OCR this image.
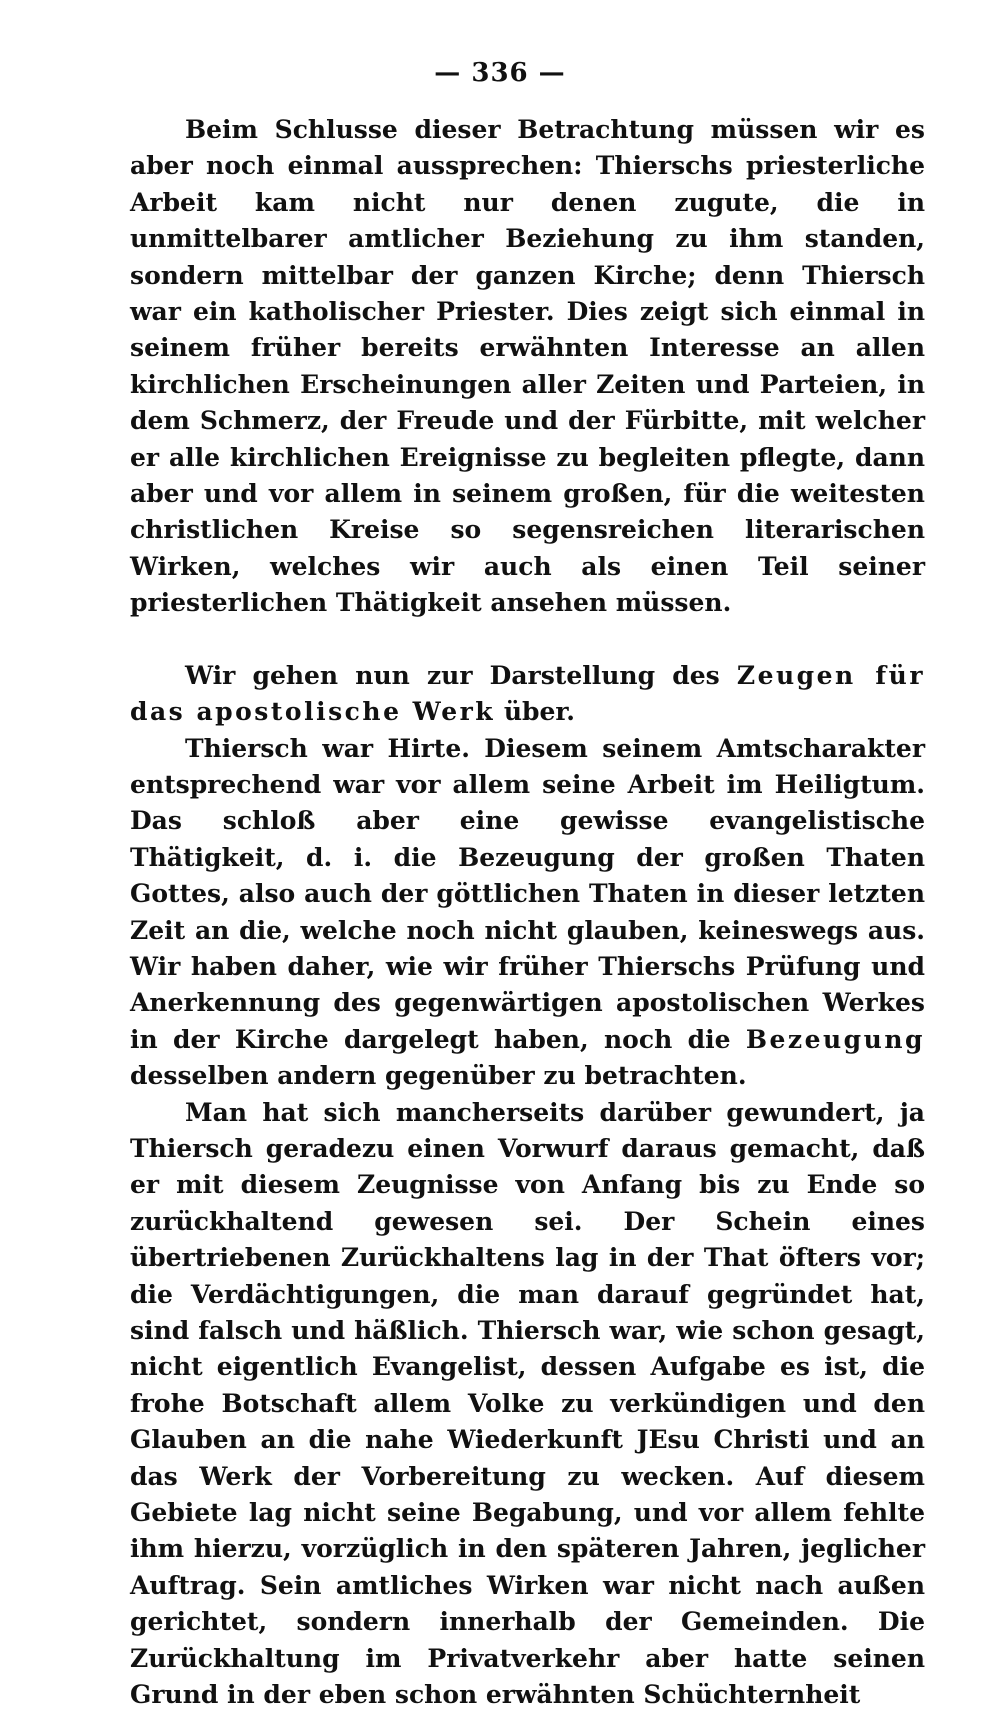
— 336 —

Beim Schlusse dieser Betrachtung müssen wir es aber noch einmal aussprechen: Thierschs priesterliche Arbeit kam nicht nur denen zugute, die in unmittelbarer amtlicher Beziehung zu ihm standen, sondern mittelbar der ganzen Kirche; denn Thiersch war ein katholischer Priester. Dies zeigt sich einmal in seinem früher bereits erwähnten Interesse an allen kirchlichen Erscheinungen aller Zeiten und Parteien, in dem Schmerz, der Freude und der Fürbitte, mit welcher er alle kirchlichen Ereignisse zu begleiten pflegte, dann aber und vor allem in seinem großen, für die weitesten christlichen Kreise so segensreichen literarischen Wirken, welches wir auch als einen Teil seiner priesterlichen Thätigkeit ansehen müssen.

Wir gehen nun zur Darstellung des Zeugen für das apostolische Werk über.

Thiersch war Hirte. Diesem seinem Amtscharakter entsprechend war vor allem seine Arbeit im Heiligtum. Das schloß aber eine gewisse evangelistische Thätigkeit, d. i. die Bezeugung der großen Thaten Gottes, also auch der göttlichen Thaten in dieser letzten Zeit an die, welche noch nicht glauben, keineswegs aus. Wir haben daher, wie wir früher Thierschs Prüfung und Anerkennung des gegenwärtigen apostolischen Werkes in der Kirche dargelegt haben, noch die Bezeugung desselben andern gegenüber zu betrachten.

Man hat sich mancherseits darüber gewundert, ja Thiersch geradezu einen Vorwurf daraus gemacht, daß er mit diesem Zeugnisse von Anfang bis zu Ende so zurückhaltend gewesen sei. Der Schein eines übertriebenen Zurückhaltens lag in der That öfters vor; die Verdächtigungen, die man darauf gegründet hat, sind falsch und häßlich. Thiersch war, wie schon gesagt, nicht eigentlich Evangelist, dessen Aufgabe es ist, die frohe Botschaft allem Volke zu verkündigen und den Glauben an die nahe Wiederkunft JEsu Christi und an das Werk der Vorbereitung zu wecken. Auf diesem Gebiete lag nicht seine Begabung, und vor allem fehlte ihm hierzu, vorzüglich in den späteren Jahren, jeglicher Auftrag. Sein amtliches Wirken war nicht nach außen gerichtet, sondern innerhalb der Gemeinden. Die Zurückhaltung im Privatverkehr aber hatte seinen Grund in der eben schon erwähnten Schüchternheit
